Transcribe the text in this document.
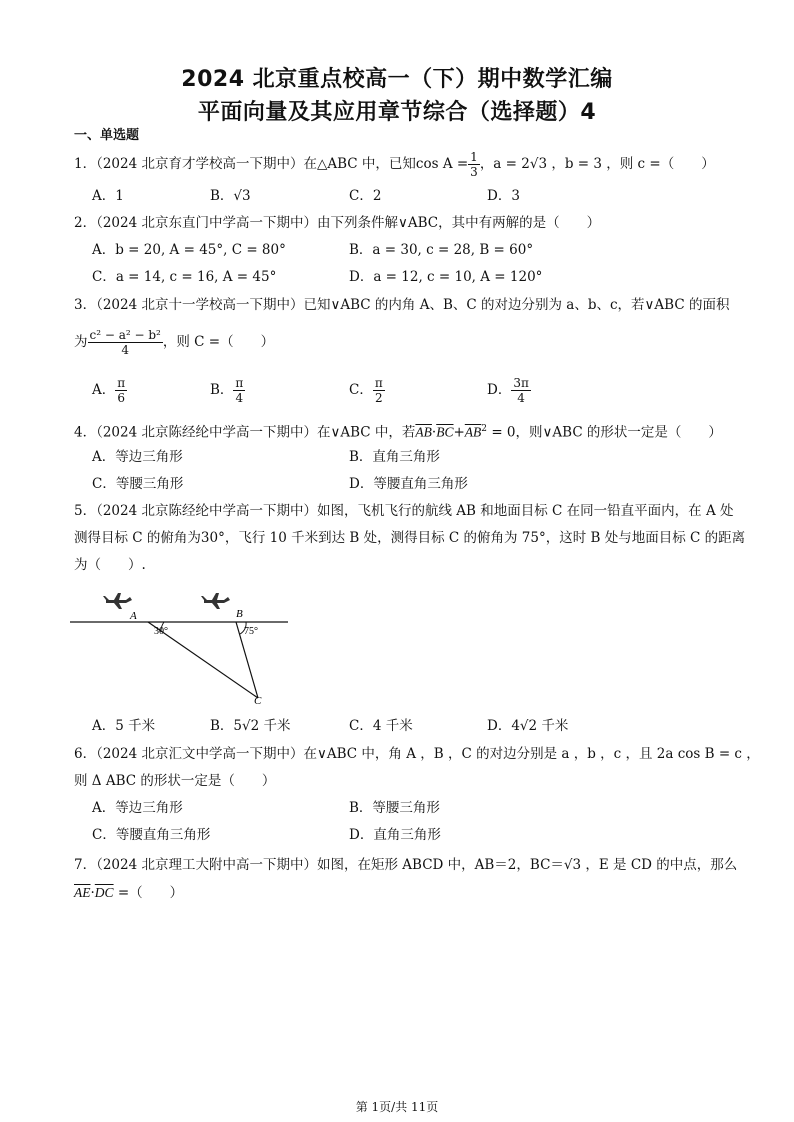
2024 北京重点校高一（下）期中数学汇编
平面向量及其应用章节综合（选择题）4
一、单选题
1．（2024 北京育才学校高一下期中）在△ABC 中，已知$\cos A = \frac{1}{3}$ ，a = 2√3 ，b = 3 ，则 c =（　　）
A．1	B．√3	C．2	D．3
2．（2024 北京东直门中学高一下期中）由下列条件解∨ABC，其中有两解的是（　　）
A．b = 20, A = 45°, C = 80°	B．a = 30, c = 28, B = 60°
C．a = 14, c = 16, A = 45°	D．a = 12, c = 10, A = 120°
3．（2024 北京十一学校高一下期中）已知∨ABC 的内角 A、B、C 的对边分别为 a、b、c，若∨ABC 的面积
为 $\frac{\text{c² − a² − b²}}{4}$ ，则 C =（　　）
A． $\frac{\pi}{6}$	B． $\frac{\pi}{4}$	C． $\frac{\pi}{2}$	D． $\frac{3\pi}{4}$
4．（2024 北京陈经纶中学高一下期中）在∨ABC 中，若$\overline{AB}\cdot\overline{BC}+\overline{AB}^2 = 0$，则∨ABC 的形状一定是（　　）
A．等边三角形	B．直角三角形
C．等腰三角形	D．等腰直角三角形
5．（2024 北京陈经纶中学高一下期中）如图，飞机飞行的航线 AB 和地面目标 C 在同一铅直平面内，在 A 处
测得目标 C 的俯角为30°，飞行 10 千米到达 B 处，测得目标 C 的俯角为 75°，这时 B 处与地面目标 C 的距离
为（　　）.
A	B
C
30°	75°
A．5 千米	B．5√2 千米	C．4 千米	D．4√2 千米
6．（2024 北京汇文中学高一下期中）在∨ABC 中，角 A ，B ，C 的对边分别是 a ，b ，c ，且 2a cos B = c ，
则 Δ ABC 的形状一定是（　　）
A．等边三角形	B．等腰三角形
C．等腰直角三角形	D．直角三角形
7．（2024 北京理工大附中高一下期中）如图，在矩形 ABCD 中，AB＝2，BC＝√3 ，E 是 CD 的中点，那么
$\overline{AE}\cdot\overline{DC}$ =（　　）
第 1页/共 11页
